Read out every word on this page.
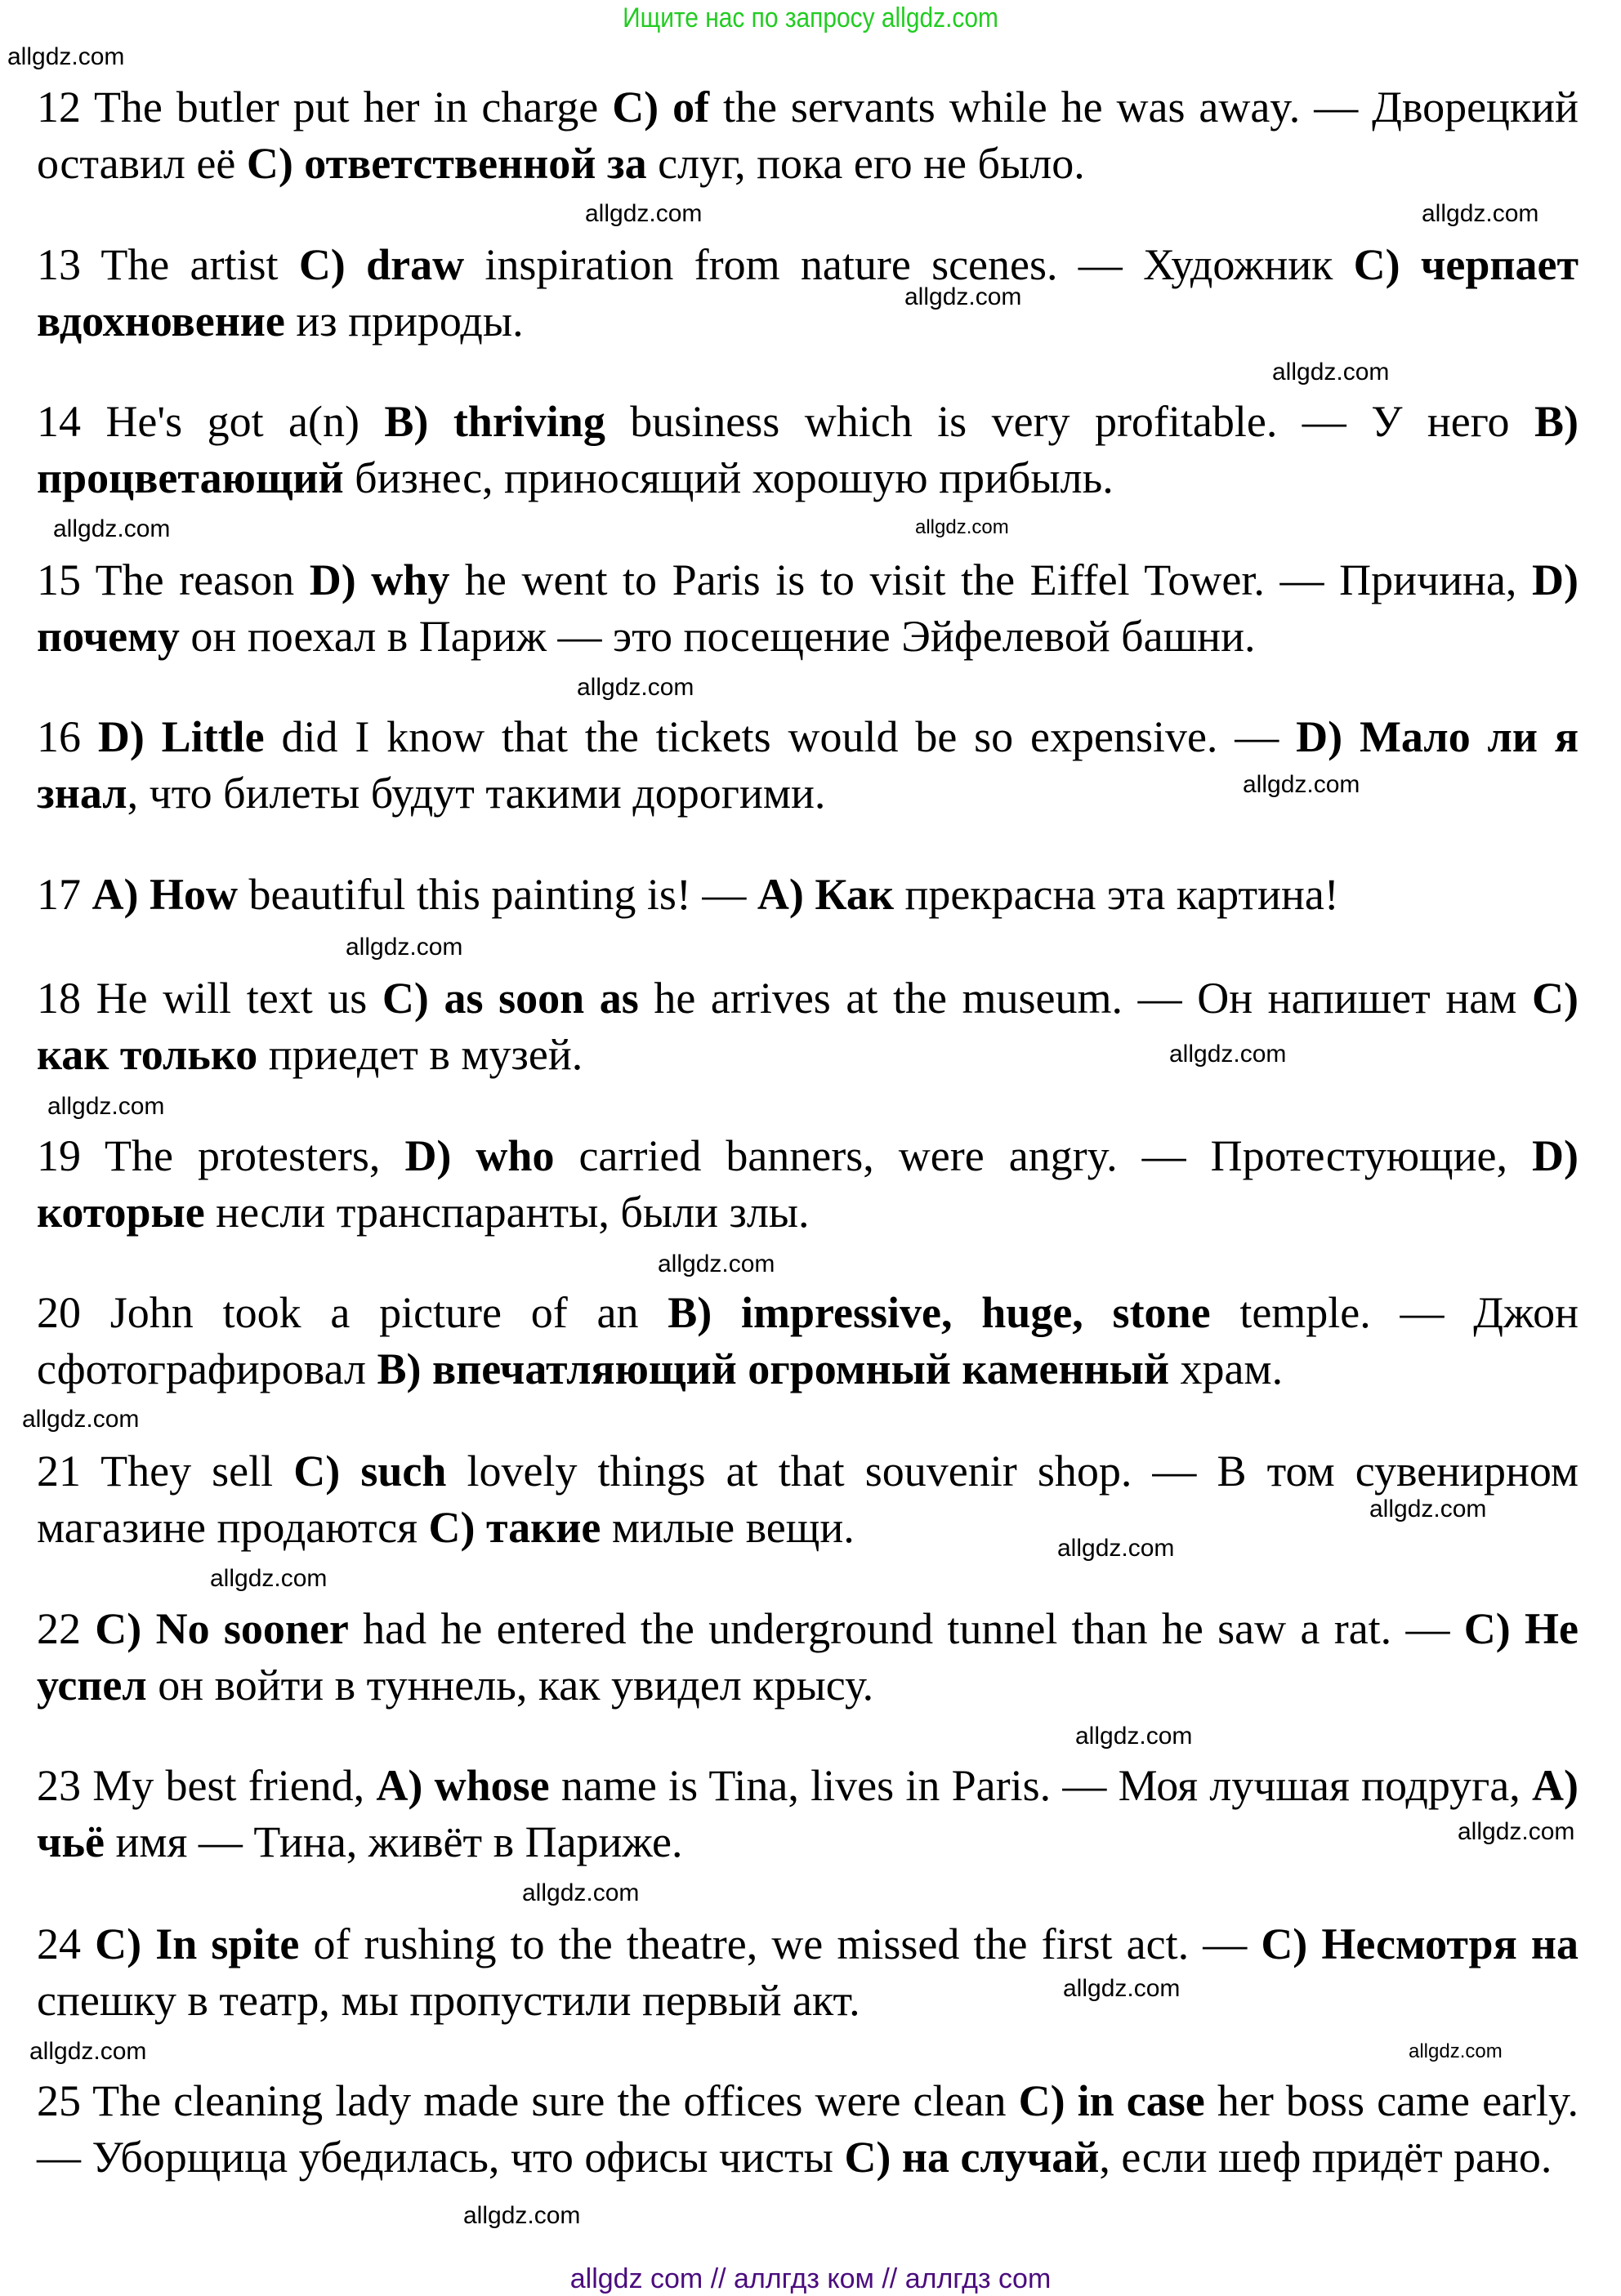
Ищите нас по запросу allgdz.com
12 The butler put her in charge C) of the servants while he was away. — Дворецкий оставил её C) ответственной за слуг, пока его не было.
13 The artist C) draw inspiration from nature scenes. — Художник C) черпает вдохновение из природы.
14 He's got a(n) B) thriving business which is very profitable. — У него B) процветающий бизнес, приносящий хорошую прибыль.
15 The reason D) why he went to Paris is to visit the Eiffel Tower. — Причина, D) почему он поехал в Париж — это посещение Эйфелевой башни.
16 D) Little did I know that the tickets would be so expensive. — D) Мало ли я знал, что билеты будут такими дорогими.
17 A) How beautiful this painting is! — A) Как прекрасна эта картина!
18 He will text us C) as soon as he arrives at the museum. — Он напишет нам C) как только приедет в музей.
19 The protesters, D) who carried banners, were angry. — Протестующие, D) которые несли транспаранты, были злы.
20 John took a picture of an B) impressive, huge, stone temple. — Джон сфотографировал B) впечатляющий огромный каменный храм.
21 They sell C) such lovely things at that souvenir shop. — В том сувенирном магазине продаются C) такие милые вещи.
22 C) No sooner had he entered the underground tunnel than he saw a rat. — C) Не успел он войти в туннель, как увидел крысу.
23 My best friend, A) whose name is Tina, lives in Paris. — Моя лучшая подруга, A) чьё имя — Тина, живёт в Париже.
24 C) In spite of rushing to the theatre, we missed the first act. — C) Несмотря на спешку в театр, мы пропустили первый акт.
25 The cleaning lady made sure the offices were clean C) in case her boss came early. — Уборщица убедилась, что офисы чисты C) на случай, если шеф придёт рано.
allgdz.com
allgdz.com
allgdz.com
allgdz.com
allgdz.com
allgdz.com	allgdz.com
allgdz.com
allgdz.com
allgdz.com
allgdz.com
allgdz.com
allgdz.com
allgdz.com
allgdz.com
allgdz.com
allgdz.com
allgdz.com
allgdz.com
allgdz.com
allgdz.com
allgdz.com	allgdz.com
allgdz.com
allgdz com // аллгдз ком // аллгдз com
